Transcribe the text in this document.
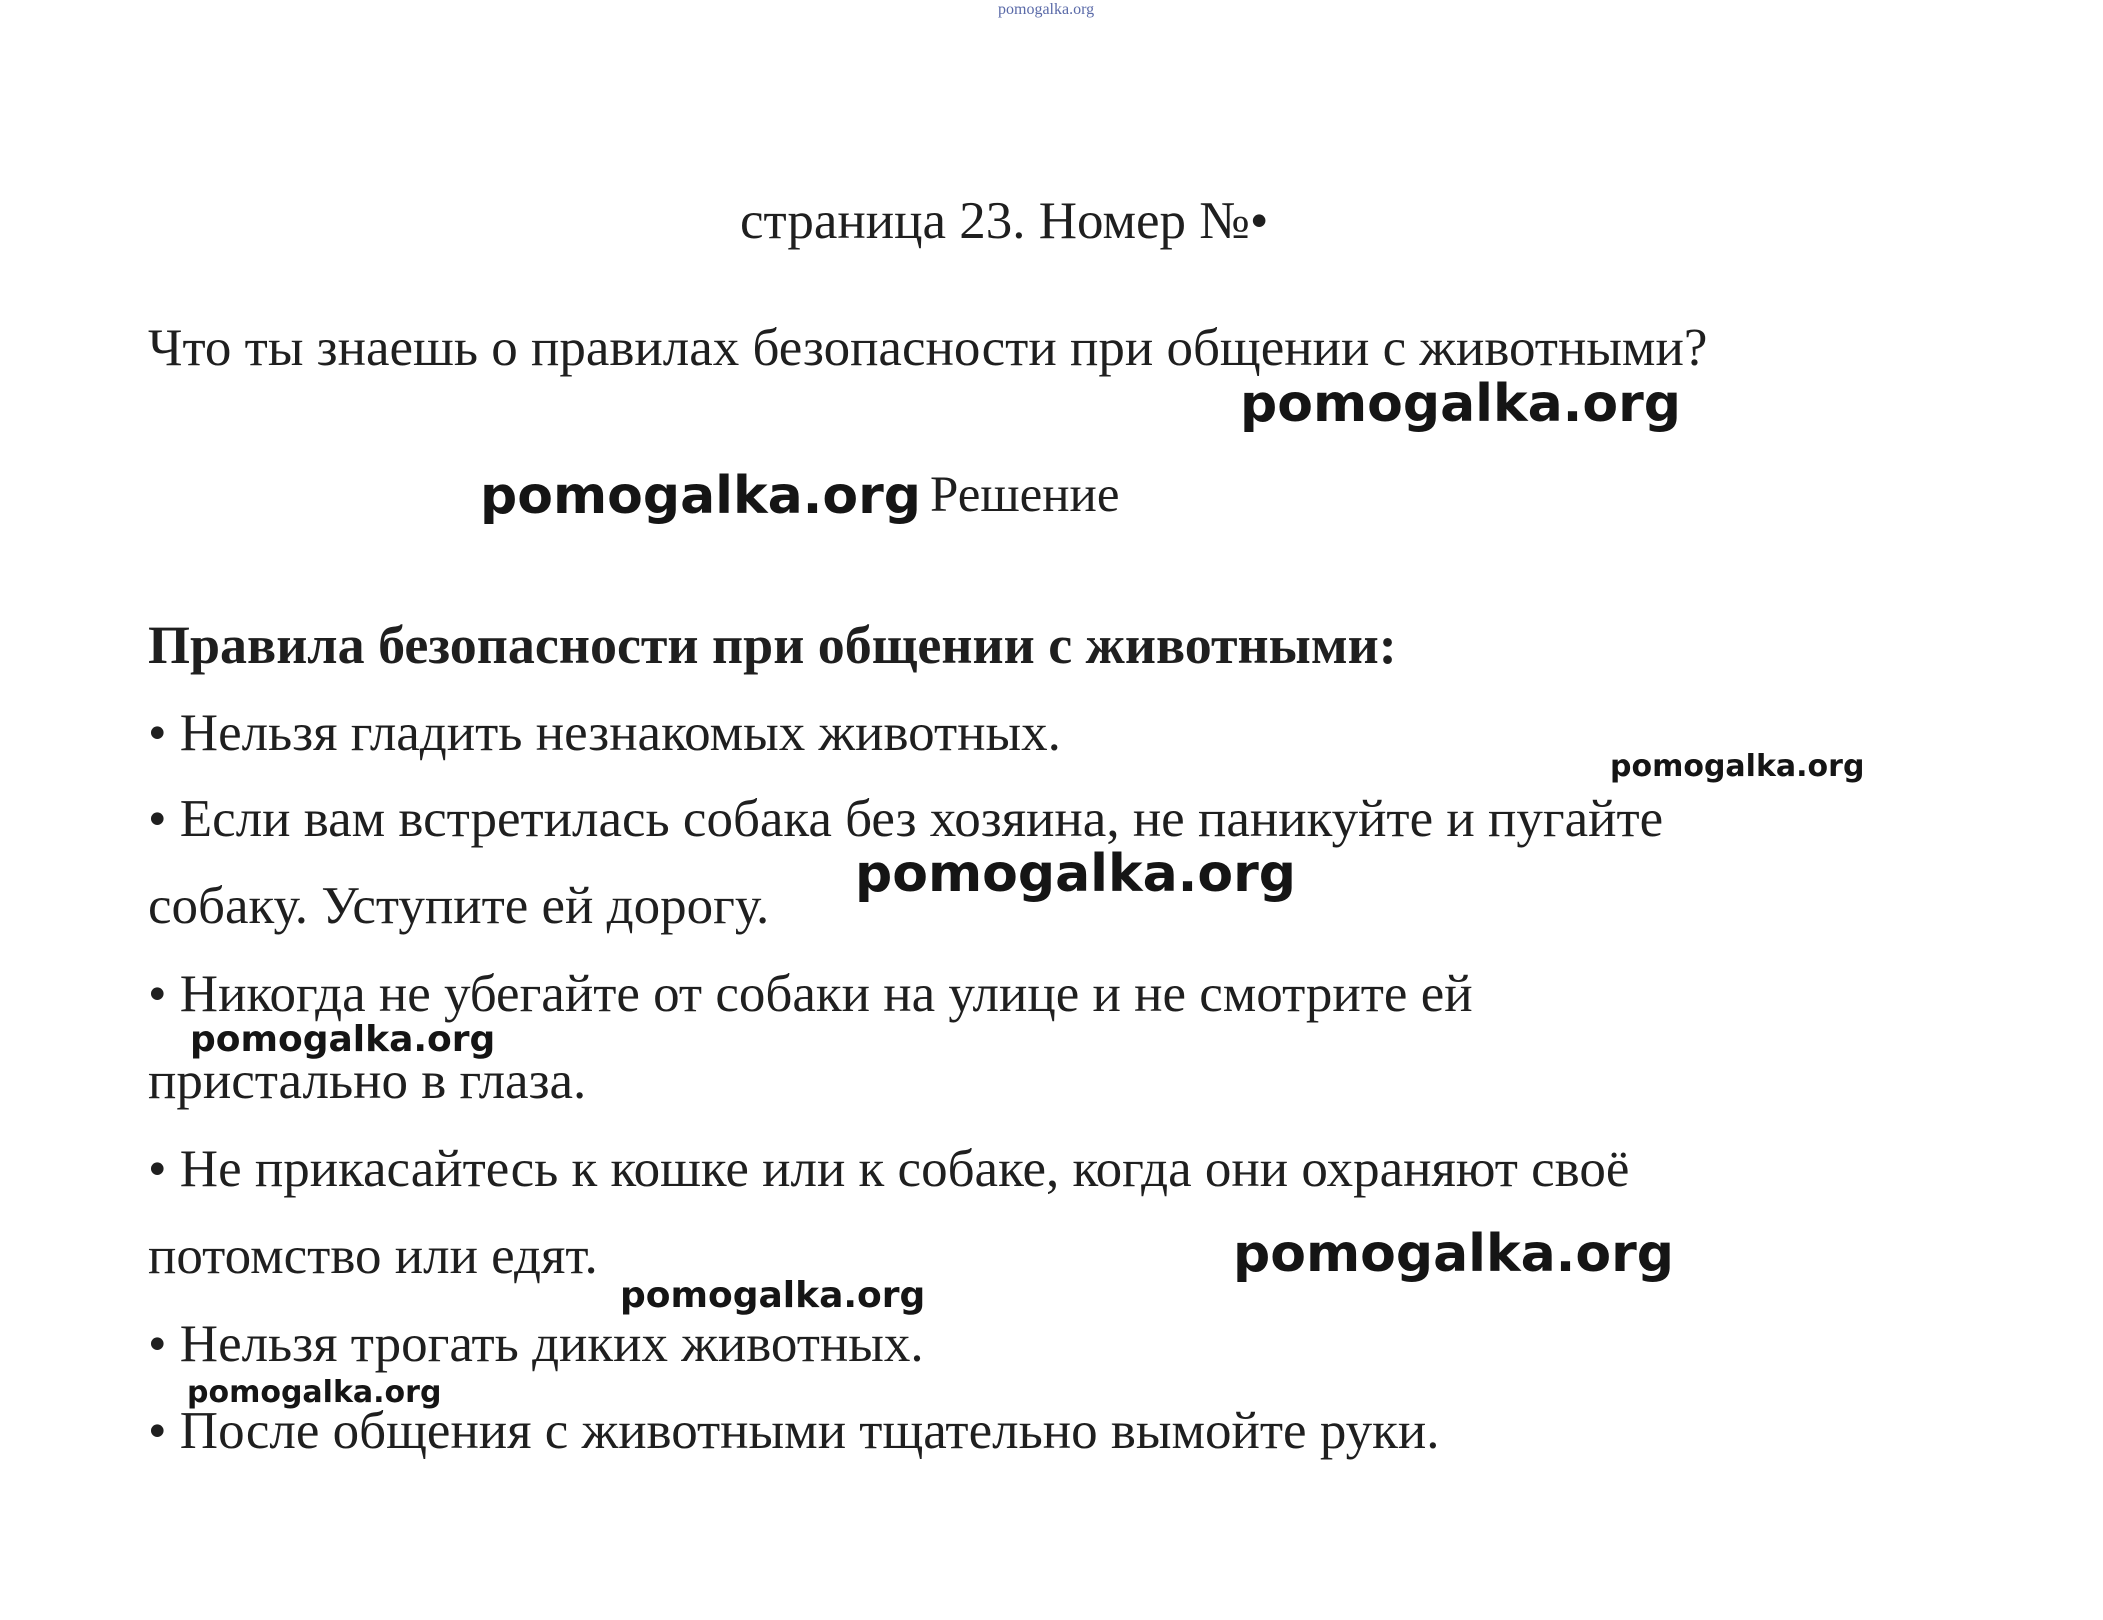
pomogalka.org
страница 23. Номер №•
Что ты знаешь о правилах безопасности при общении с животными?
Решение
Правила безопасности при общении с животными:
• Нельзя гладить незнакомых животных.
• Если вам встретилась собака без хозяина, не паникуйте и пугайте
собаку. Уступите ей дорогу.
• Никогда не убегайте от собаки на улице и не смотрите ей
пристально в глаза.
• Не прикасайтесь к кошке или к собаке, когда они охраняют своё
потомство или едят.
• Нельзя трогать диких животных.
• После общения с животными тщательно вымойте руки.
pomogalka.org
pomogalka.org
pomogalka.org
pomogalka.org
pomogalka.org
pomogalka.org
pomogalka.org
pomogalka.org
